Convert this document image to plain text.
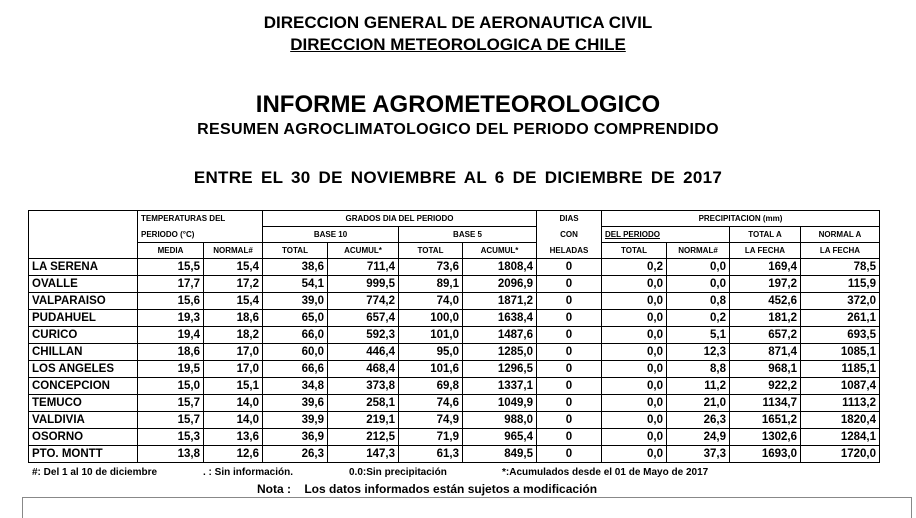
DIRECCION GENERAL DE AERONAUTICA CIVIL
DIRECCION METEOROLOGICA DE CHILE
INFORME AGROMETEOROLOGICO
RESUMEN AGROCLIMATOLOGICO DEL PERIODO COMPRENDIDO
ENTRE EL 30 DE NOVIEMBRE AL 6 DE DICIEMBRE DE 2017
	TEMPERATURAS DEL		GRADOS DIA DEL PERIODO				DIAS	PRECIPITACION (mm)			
	PERIODO (°C)		BASE 10		BASE 5		CON	DEL PERIODO		TOTAL A	NORMAL A
	MEDIA	NORMAL#	TOTAL	ACUMUL*	TOTAL	ACUMUL*	HELADAS	TOTAL	NORMAL#	LA FECHA	LA FECHA
LA SERENA	15,5	15,4	38,6	711,4	73,6	1808,4	0	0,2	0,0	169,4	78,5
OVALLE	17,7	17,2	54,1	999,5	89,1	2096,9	0	0,0	0,0	197,2	115,9
VALPARAISO	15,6	15,4	39,0	774,2	74,0	1871,2	0	0,0	0,8	452,6	372,0
PUDAHUEL	19,3	18,6	65,0	657,4	100,0	1638,4	0	0,0	0,2	181,2	261,1
CURICO	19,4	18,2	66,0	592,3	101,0	1487,6	0	0,0	5,1	657,2	693,5
CHILLAN	18,6	17,0	60,0	446,4	95,0	1285,0	0	0,0	12,3	871,4	1085,1
LOS ANGELES	19,5	17,0	66,6	468,4	101,6	1296,5	0	0,0	8,8	968,1	1185,1
CONCEPCION	15,0	15,1	34,8	373,8	69,8	1337,1	0	0,0	11,2	922,2	1087,4
TEMUCO	15,7	14,0	39,6	258,1	74,6	1049,9	0	0,0	21,0	1134,7	1113,2
VALDIVIA	15,7	14,0	39,9	219,1	74,9	988,0	0	0,0	26,3	1651,2	1820,4
OSORNO	15,3	13,6	36,9	212,5	71,9	965,4	0	0,0	24,9	1302,6	1284,1
PTO. MONTT	13,8	12,6	26,3	147,3	61,3	849,5	0	0,0	37,3	1693,0	1720,0
#: Del 1 al 10 de diciembre	. : Sin información.	0.0:Sin precipitación	*:Acumulados desde el 01 de Mayo de 2017
Nota : Los datos informados están sujetos a modificación
